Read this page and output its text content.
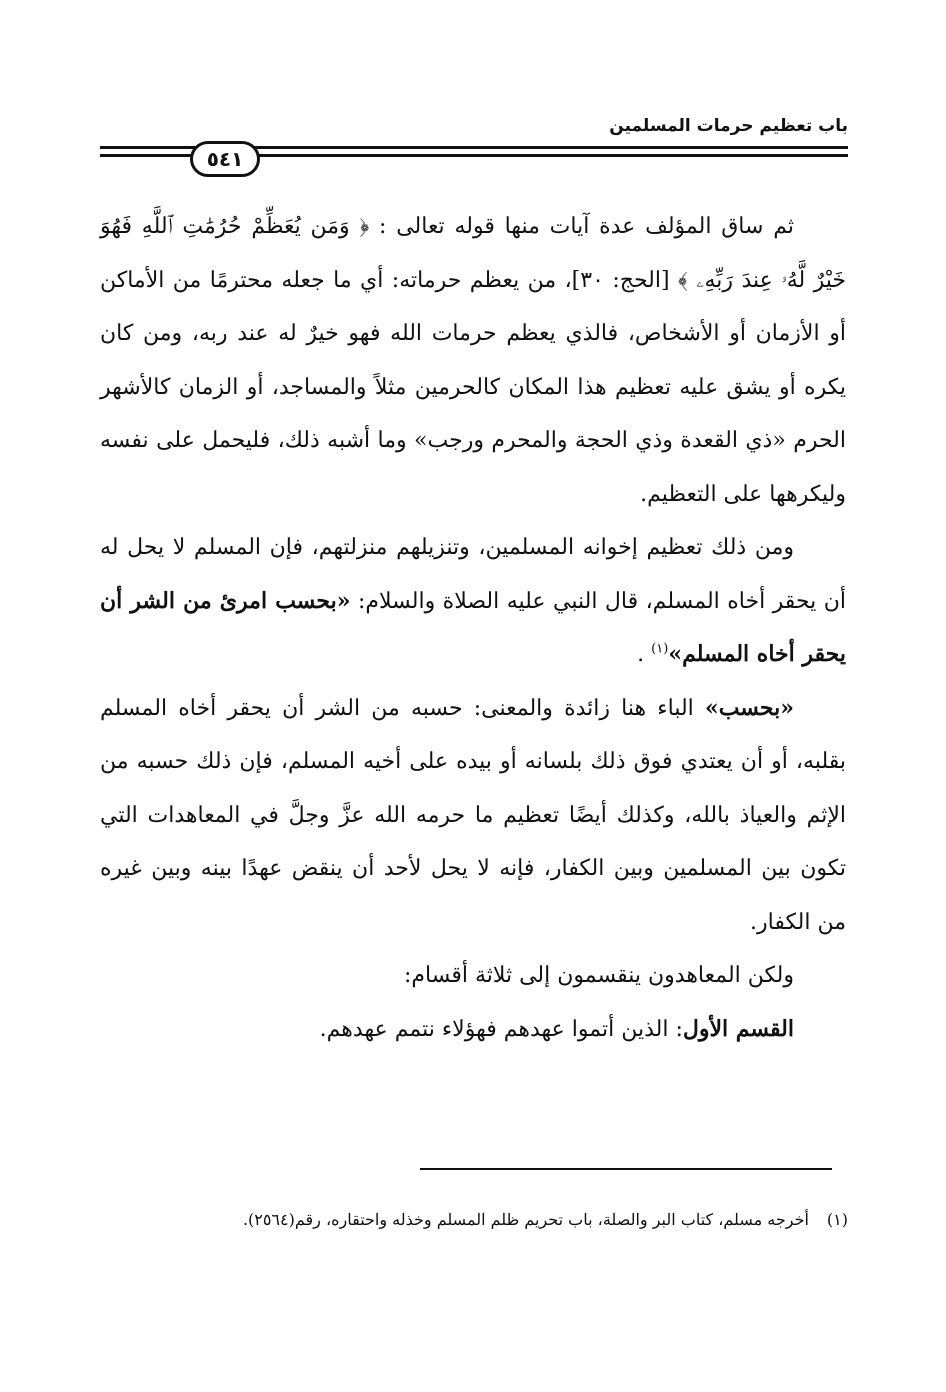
باب تعظيم حرمات المسلمين
٥٤١

ثم ساق المؤلف عدة آيات منها قوله تعالى : ﴿ وَمَن يُعَظِّمْ حُرُمَٰتِ ٱللَّهِ فَهُوَ خَيْرٌ لَّهُۥ عِندَ رَبِّهِۦ ﴾ [الحج: ٣٠]، من يعظم حرماته: أي ما جعله محترمًا من الأماكن أو الأزمان أو الأشخاص، فالذي يعظم حرمات الله فهو خيرٌ له عند ربه، ومن كان يكره أو يشق عليه تعظيم هذا المكان كالحرمين مثلاً والمساجد، أو الزمان كالأشهر الحرم «ذي القعدة وذي الحجة والمحرم ورجب» وما أشبه ذلك، فليحمل على نفسه وليكرهها على التعظيم.

ومن ذلك تعظيم إخوانه المسلمين، وتنزيلهم منزلتهم، فإن المسلم لا يحل له أن يحقر أخاه المسلم، قال النبي عليه الصلاة والسلام: «بحسب امرئ من الشر أن يحقر أخاه المسلم»$^{(١)}$ .

«بحسب» الباء هنا زائدة والمعنى: حسبه من الشر أن يحقر أخاه المسلم بقلبه، أو أن يعتدي فوق ذلك بلسانه أو بيده على أخيه المسلم، فإن ذلك حسبه من الإثم والعياذ بالله، وكذلك أيضًا تعظيم ما حرمه الله عزَّ وجلَّ في المعاهدات التي تكون بين المسلمين وبين الكفار، فإنه لا يحل لأحد أن ينقض عهدًا بينه وبين غيره من الكفار.

ولكن المعاهدون ينقسمون إلى ثلاثة أقسام:

القسم الأول: الذين أتموا عهدهم فهؤلاء نتمم عهدهم.

(١)أخرجه مسلم، كتاب البر والصلة، باب تحريم ظلم المسلم وخذله واحتقاره، رقم(٢٥٦٤).
